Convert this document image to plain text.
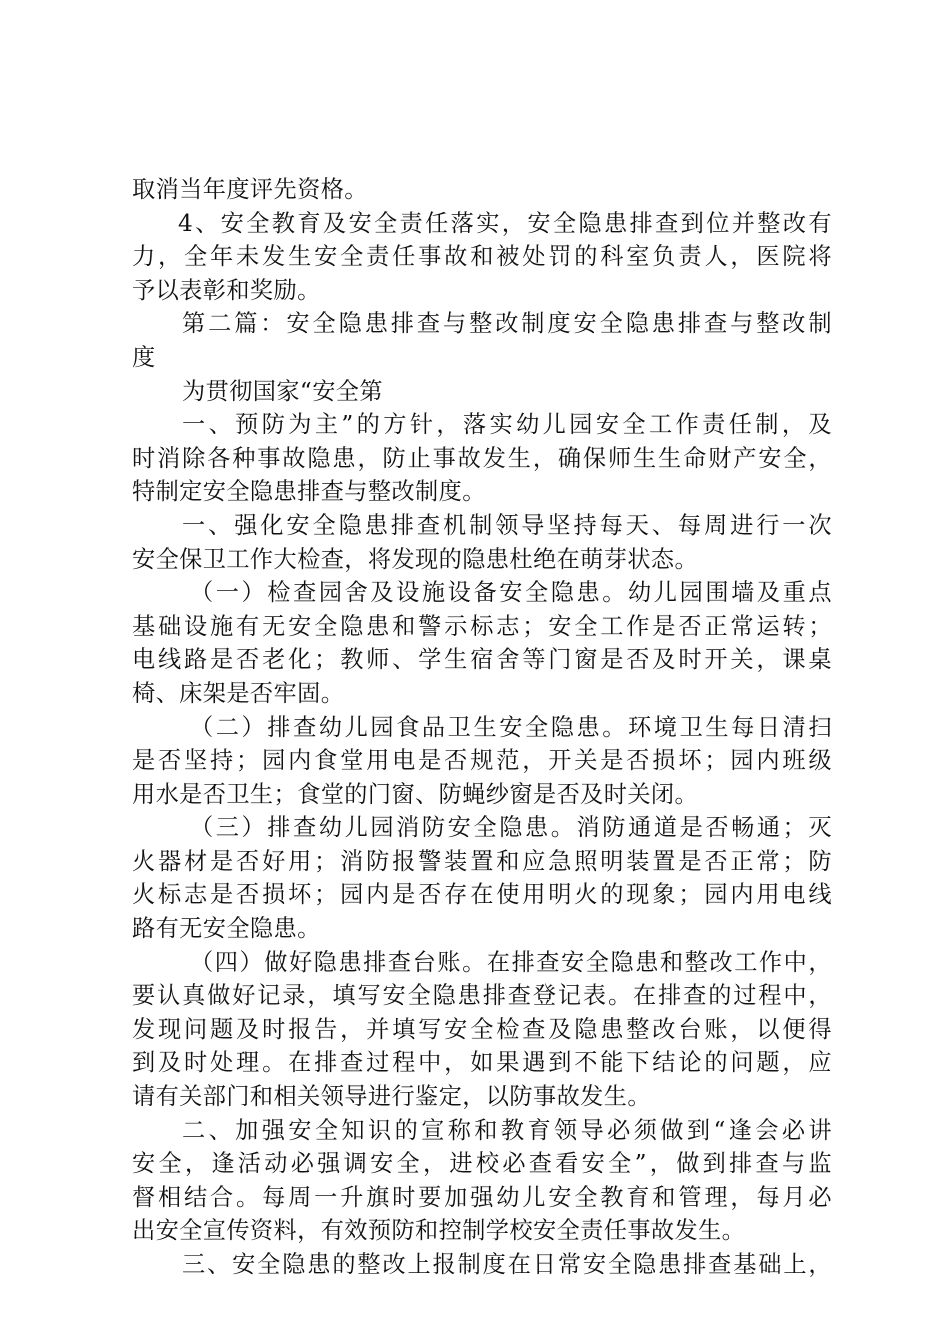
取消当年度评先资格。
4、安全教育及安全责任落实，安全隐患排查到位并整改有
力，全年未发生安全责任事故和被处罚的科室负责人，医院将
予以表彰和奖励。
第二篇：安全隐患排查与整改制度安全隐患排查与整改制
度
为贯彻国家“安全第
一、预防为主”的方针，落实幼儿园安全工作责任制，及
时消除各种事故隐患，防止事故发生，确保师生生命财产安全，
特制定安全隐患排查与整改制度。
一、强化安全隐患排查机制领导坚持每天、每周进行一次
安全保卫工作大检查，将发现的隐患杜绝在萌芽状态。
（一）检查园舍及设施设备安全隐患。幼儿园围墙及重点
基础设施有无安全隐患和警示标志；安全工作是否正常运转；
电线路是否老化；教师、学生宿舍等门窗是否及时开关，课桌
椅、床架是否牢固。
（二）排查幼儿园食品卫生安全隐患。环境卫生每日清扫
是否坚持；园内食堂用电是否规范，开关是否损坏；园内班级
用水是否卫生；食堂的门窗、防蝇纱窗是否及时关闭。
（三）排查幼儿园消防安全隐患。消防通道是否畅通；灭
火器材是否好用；消防报警装置和应急照明装置是否正常；防
火标志是否损坏；园内是否存在使用明火的现象；园内用电线
路有无安全隐患。
（四）做好隐患排查台账。在排查安全隐患和整改工作中，
要认真做好记录，填写安全隐患排查登记表。在排查的过程中，
发现问题及时报告，并填写安全检查及隐患整改台账，以便得
到及时处理。在排查过程中，如果遇到不能下结论的问题，应
请有关部门和相关领导进行鉴定，以防事故发生。
二、加强安全知识的宣称和教育领导必须做到“逢会必讲
安全，逢活动必强调安全，进校必查看安全”，做到排查与监
督相结合。每周一升旗时要加强幼儿安全教育和管理，每月必
出安全宣传资料，有效预防和控制学校安全责任事故发生。
三、安全隐患的整改上报制度在日常安全隐患排查基础上，
